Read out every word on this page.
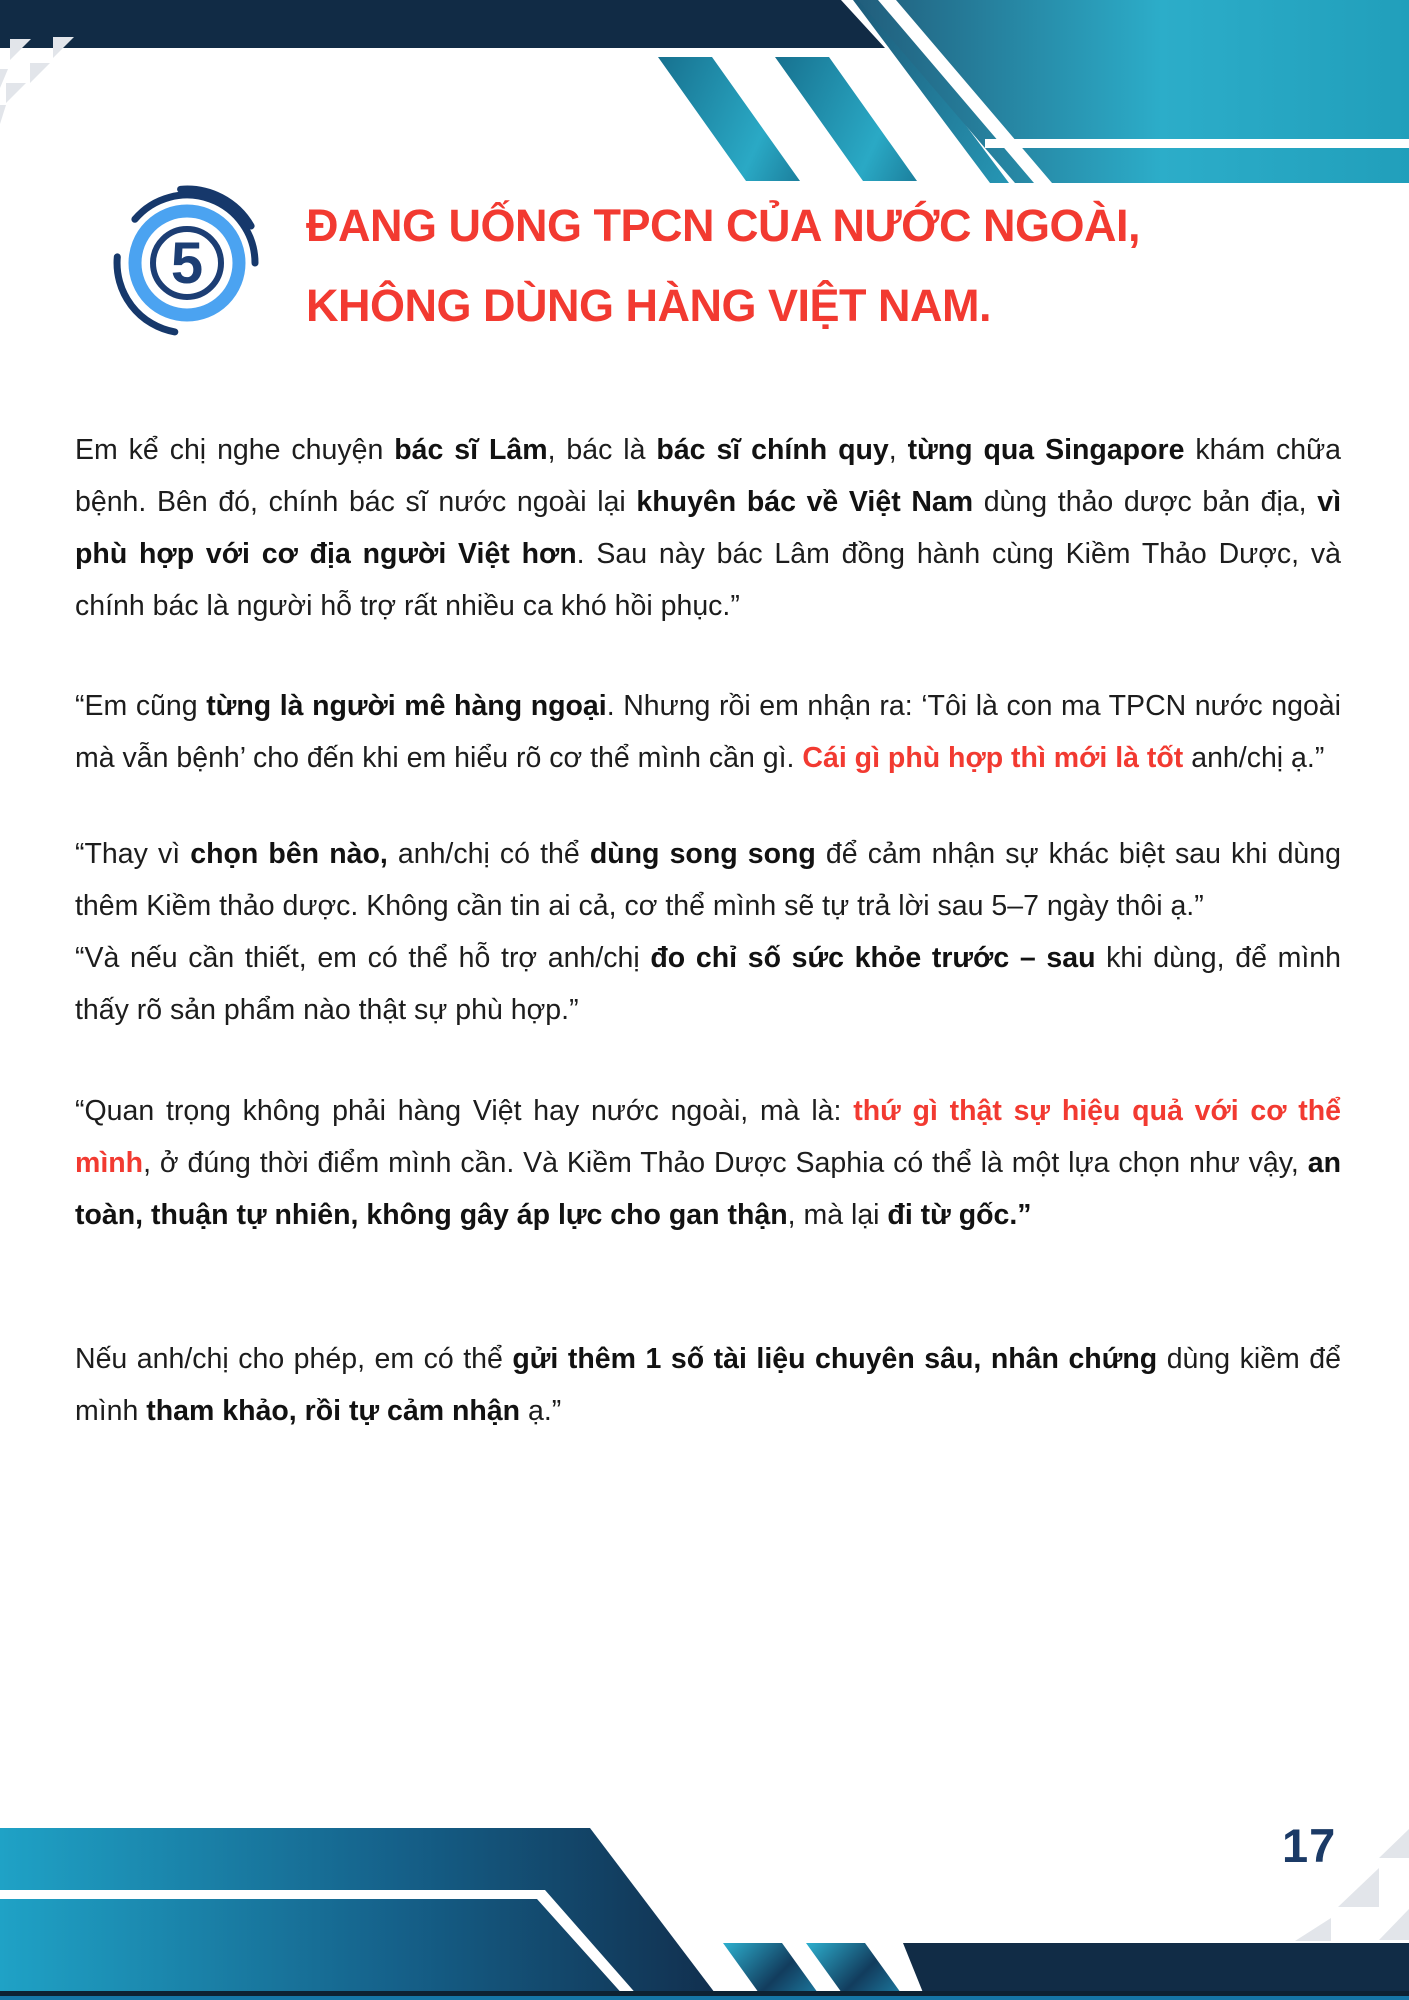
5
ĐANG UỐNG TPCN CỦA NƯỚC NGOÀI,
KHÔNG DÙNG HÀNG VIỆT NAM.

Em kể chị nghe chuyện bác sĩ Lâm, bác là bác sĩ chính quy, từng qua Singapore khám chữa bệnh. Bên đó, chính bác sĩ nước ngoài lại khuyên bác về Việt Nam dùng thảo dược bản địa, vì phù hợp với cơ địa người Việt hơn. Sau này bác Lâm đồng hành cùng Kiềm Thảo Dược, và chính bác là người hỗ trợ rất nhiều ca khó hồi phục.”

“Em cũng từng là người mê hàng ngoại. Nhưng rồi em nhận ra: ‘Tôi là con ma TPCN nước ngoài mà vẫn bệnh’ cho đến khi em hiểu rõ cơ thể mình cần gì. Cái gì phù hợp thì mới là tốt anh/chị ạ.”

“Thay vì chọn bên nào, anh/chị có thể dùng song song để cảm nhận sự khác biệt sau khi dùng thêm Kiềm thảo dược. Không cần tin ai cả, cơ thể mình sẽ tự trả lời sau 5–7 ngày thôi ạ.”

“Và nếu cần thiết, em có thể hỗ trợ anh/chị đo chỉ số sức khỏe trước – sau khi dùng, để mình thấy rõ sản phẩm nào thật sự phù hợp.”

“Quan trọng không phải hàng Việt hay nước ngoài, mà là: thứ gì thật sự hiệu quả với cơ thể mình, ở đúng thời điểm mình cần. Và Kiềm Thảo Dược Saphia có thể là một lựa chọn như vậy, an toàn, thuận tự nhiên, không gây áp lực cho gan thận, mà lại đi từ gốc.”

Nếu anh/chị cho phép, em có thể gửi thêm 1 số tài liệu chuyên sâu, nhân chứng dùng kiềm để mình tham khảo, rồi tự cảm nhận ạ.”

17
